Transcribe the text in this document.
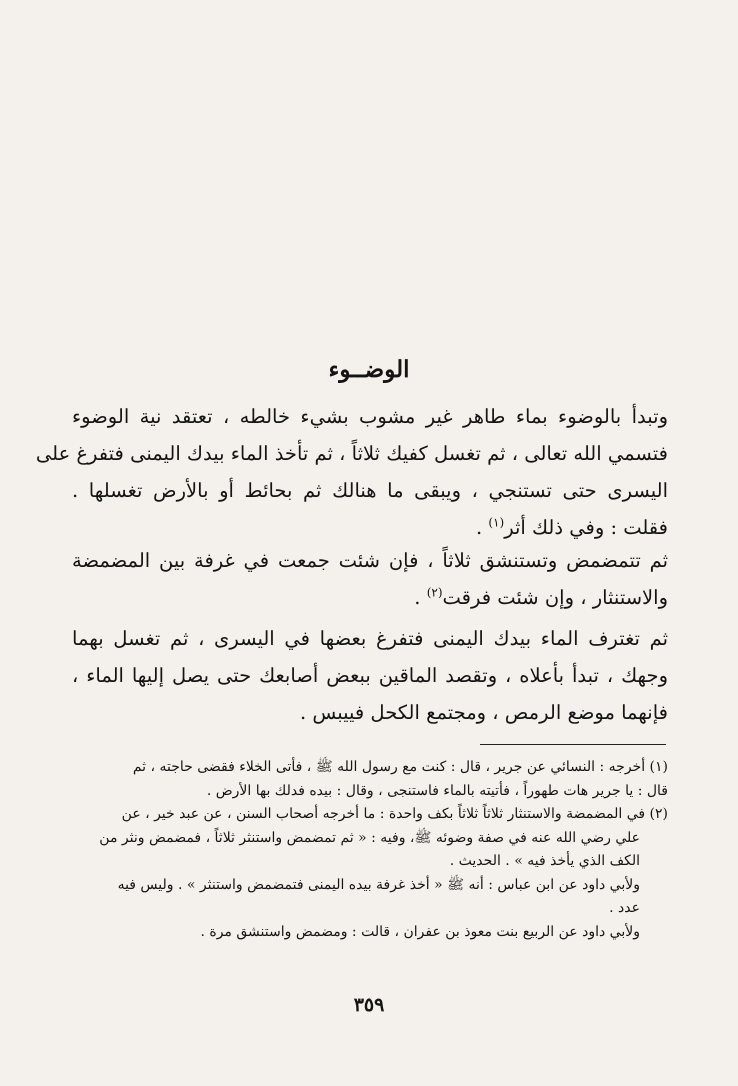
الوضــوء
وتبدأ بالوضوء بماء طاهر غير مشوب بشيء خالطه ، تعتقد نية الوضوء
فتسمي الله تعالى ، ثم تغسل كفيك ثلاثاً ، ثم تأخذ الماء بيدك اليمنى فتفرغ على
اليسرى حتى تستنجي ، ويبقى ما هنالك ثم بحائط أو بالأرض تغسلها .
فقلت : وفي ذلك أثر$^{(١)}$ .
ثم تتمضمض وتستنشق ثلاثاً ، فإن شئت جمعت في غرفة بين المضمضة
والاستنثار ، وإن شئت فرقت$^{(٢)}$ .
ثم تغترف الماء بيدك اليمنى فتفرغ بعضها في اليسرى ، ثم تغسل بهما
وجهك ، تبدأ بأعلاه ، وتقصد الماقين ببعض أصابعك حتى يصل إليها الماء ،
فإنهما موضع الرمص ، ومجتمع الكحل فييبس .
(١) أخرجه : النسائي عن جرير ، قال : كنت مع رسول الله ﷺ ، فأتى الخلاء فقضى حاجته ، ثم
قال : يا جرير هات طهوراً ، فأتيته بالماء فاستنجى ، وقال : بيده فدلك بها الأرض .
(٢) في المضمضة والاستنثار ثلاثاً ثلاثاً بكف واحدة : ما أخرجه أصحاب السنن ، عن عبد خير ، عن
علي رضي الله عنه في صفة وضوئه ﷺ، وفيه : « ثم تمضمض واستنثر ثلاثاً ، فمضمض ونثر من
الكف الذي يأخذ فيه » . الحديث .
ولأبي داود عن ابن عباس : أنه ﷺ « أخذ غرفة بيده اليمنى فتمضمض واستنثر » . وليس فيه
عدد .
ولأبي داود عن الربيع بنت معوذ بن عفران ، قالت : ومضمض واستنشق مرة .
٣٥٩
